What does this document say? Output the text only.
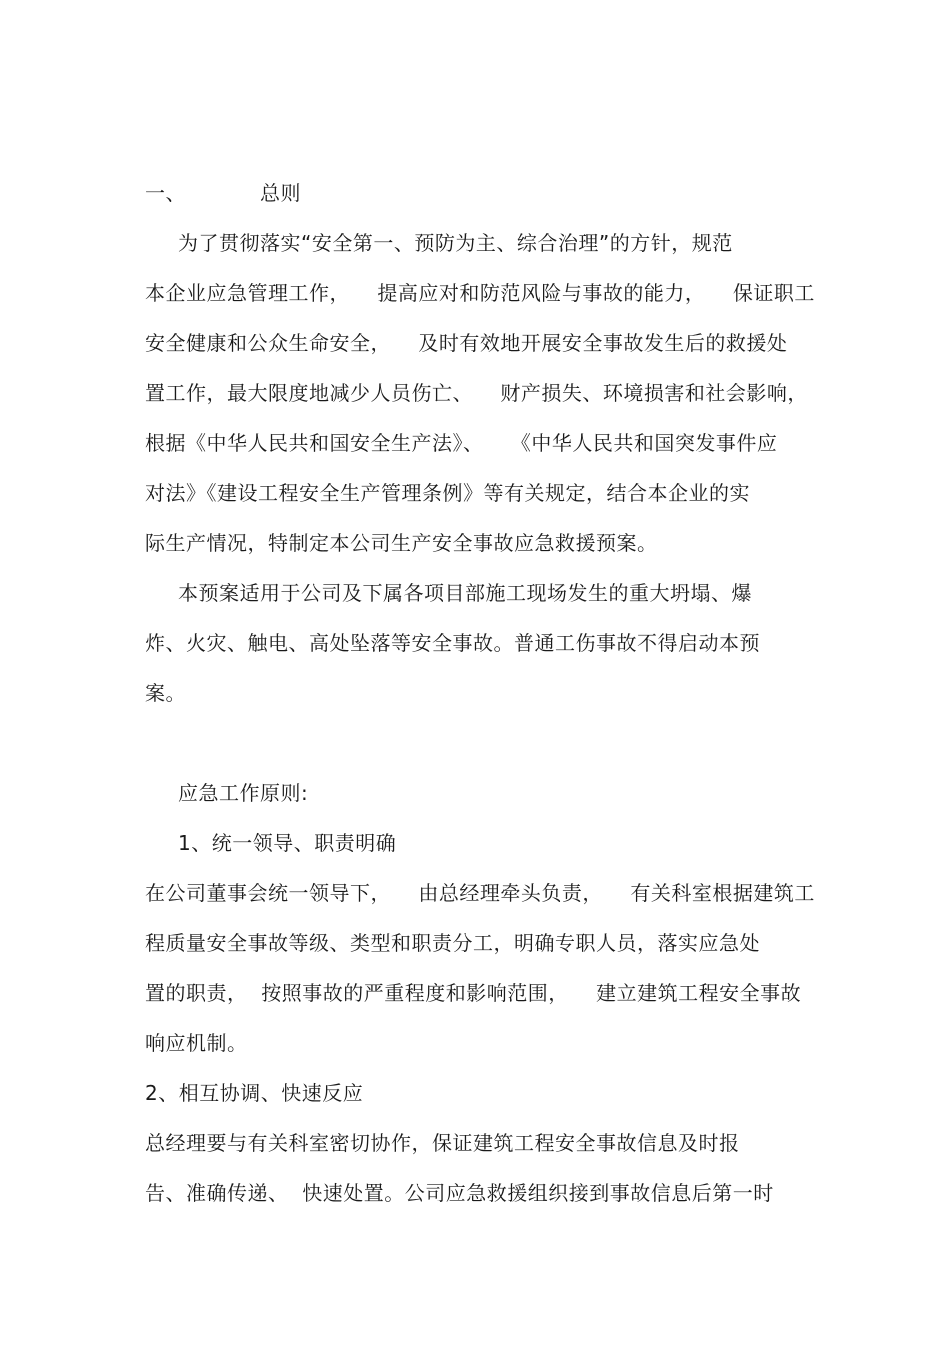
一、	总则
为了贯彻落实“安全第一、预防为主、综合治理”的方针，规范
本企业应急管理工作，    提高应对和防范风险与事故的能力，    保证职工
安全健康和公众生命安全，    及时有效地开展安全事故发生后的救援处
置工作，最大限度地减少人员伤亡、    财产损失、环境损害和社会影响，
根据《中华人民共和国安全生产法》、    《中华人民共和国突发事件应
对法》《建设工程安全生产管理条例》等有关规定，结合本企业的实
际生产情况，特制定本公司生产安全事故应急救援预案。
本预案适用于公司及下属各项目部施工现场发生的重大坍塌、爆
炸、火灾、触电、高处坠落等安全事故。普通工伤事故不得启动本预
案。
应急工作原则:
1、统一领导、职责明确
在公司董事会统一领导下，    由总经理牵头负责，    有关科室根据建筑工
程质量安全事故等级、类型和职责分工，明确专职人员，落实应急处
置的职责，  按照事故的严重程度和影响范围，    建立建筑工程安全事故
响应机制。
2、相互协调、快速反应
总经理要与有关科室密切协作，保证建筑工程安全事故信息及时报
告、准确传递、  快速处置。公司应急救援组织接到事故信息后第一时
